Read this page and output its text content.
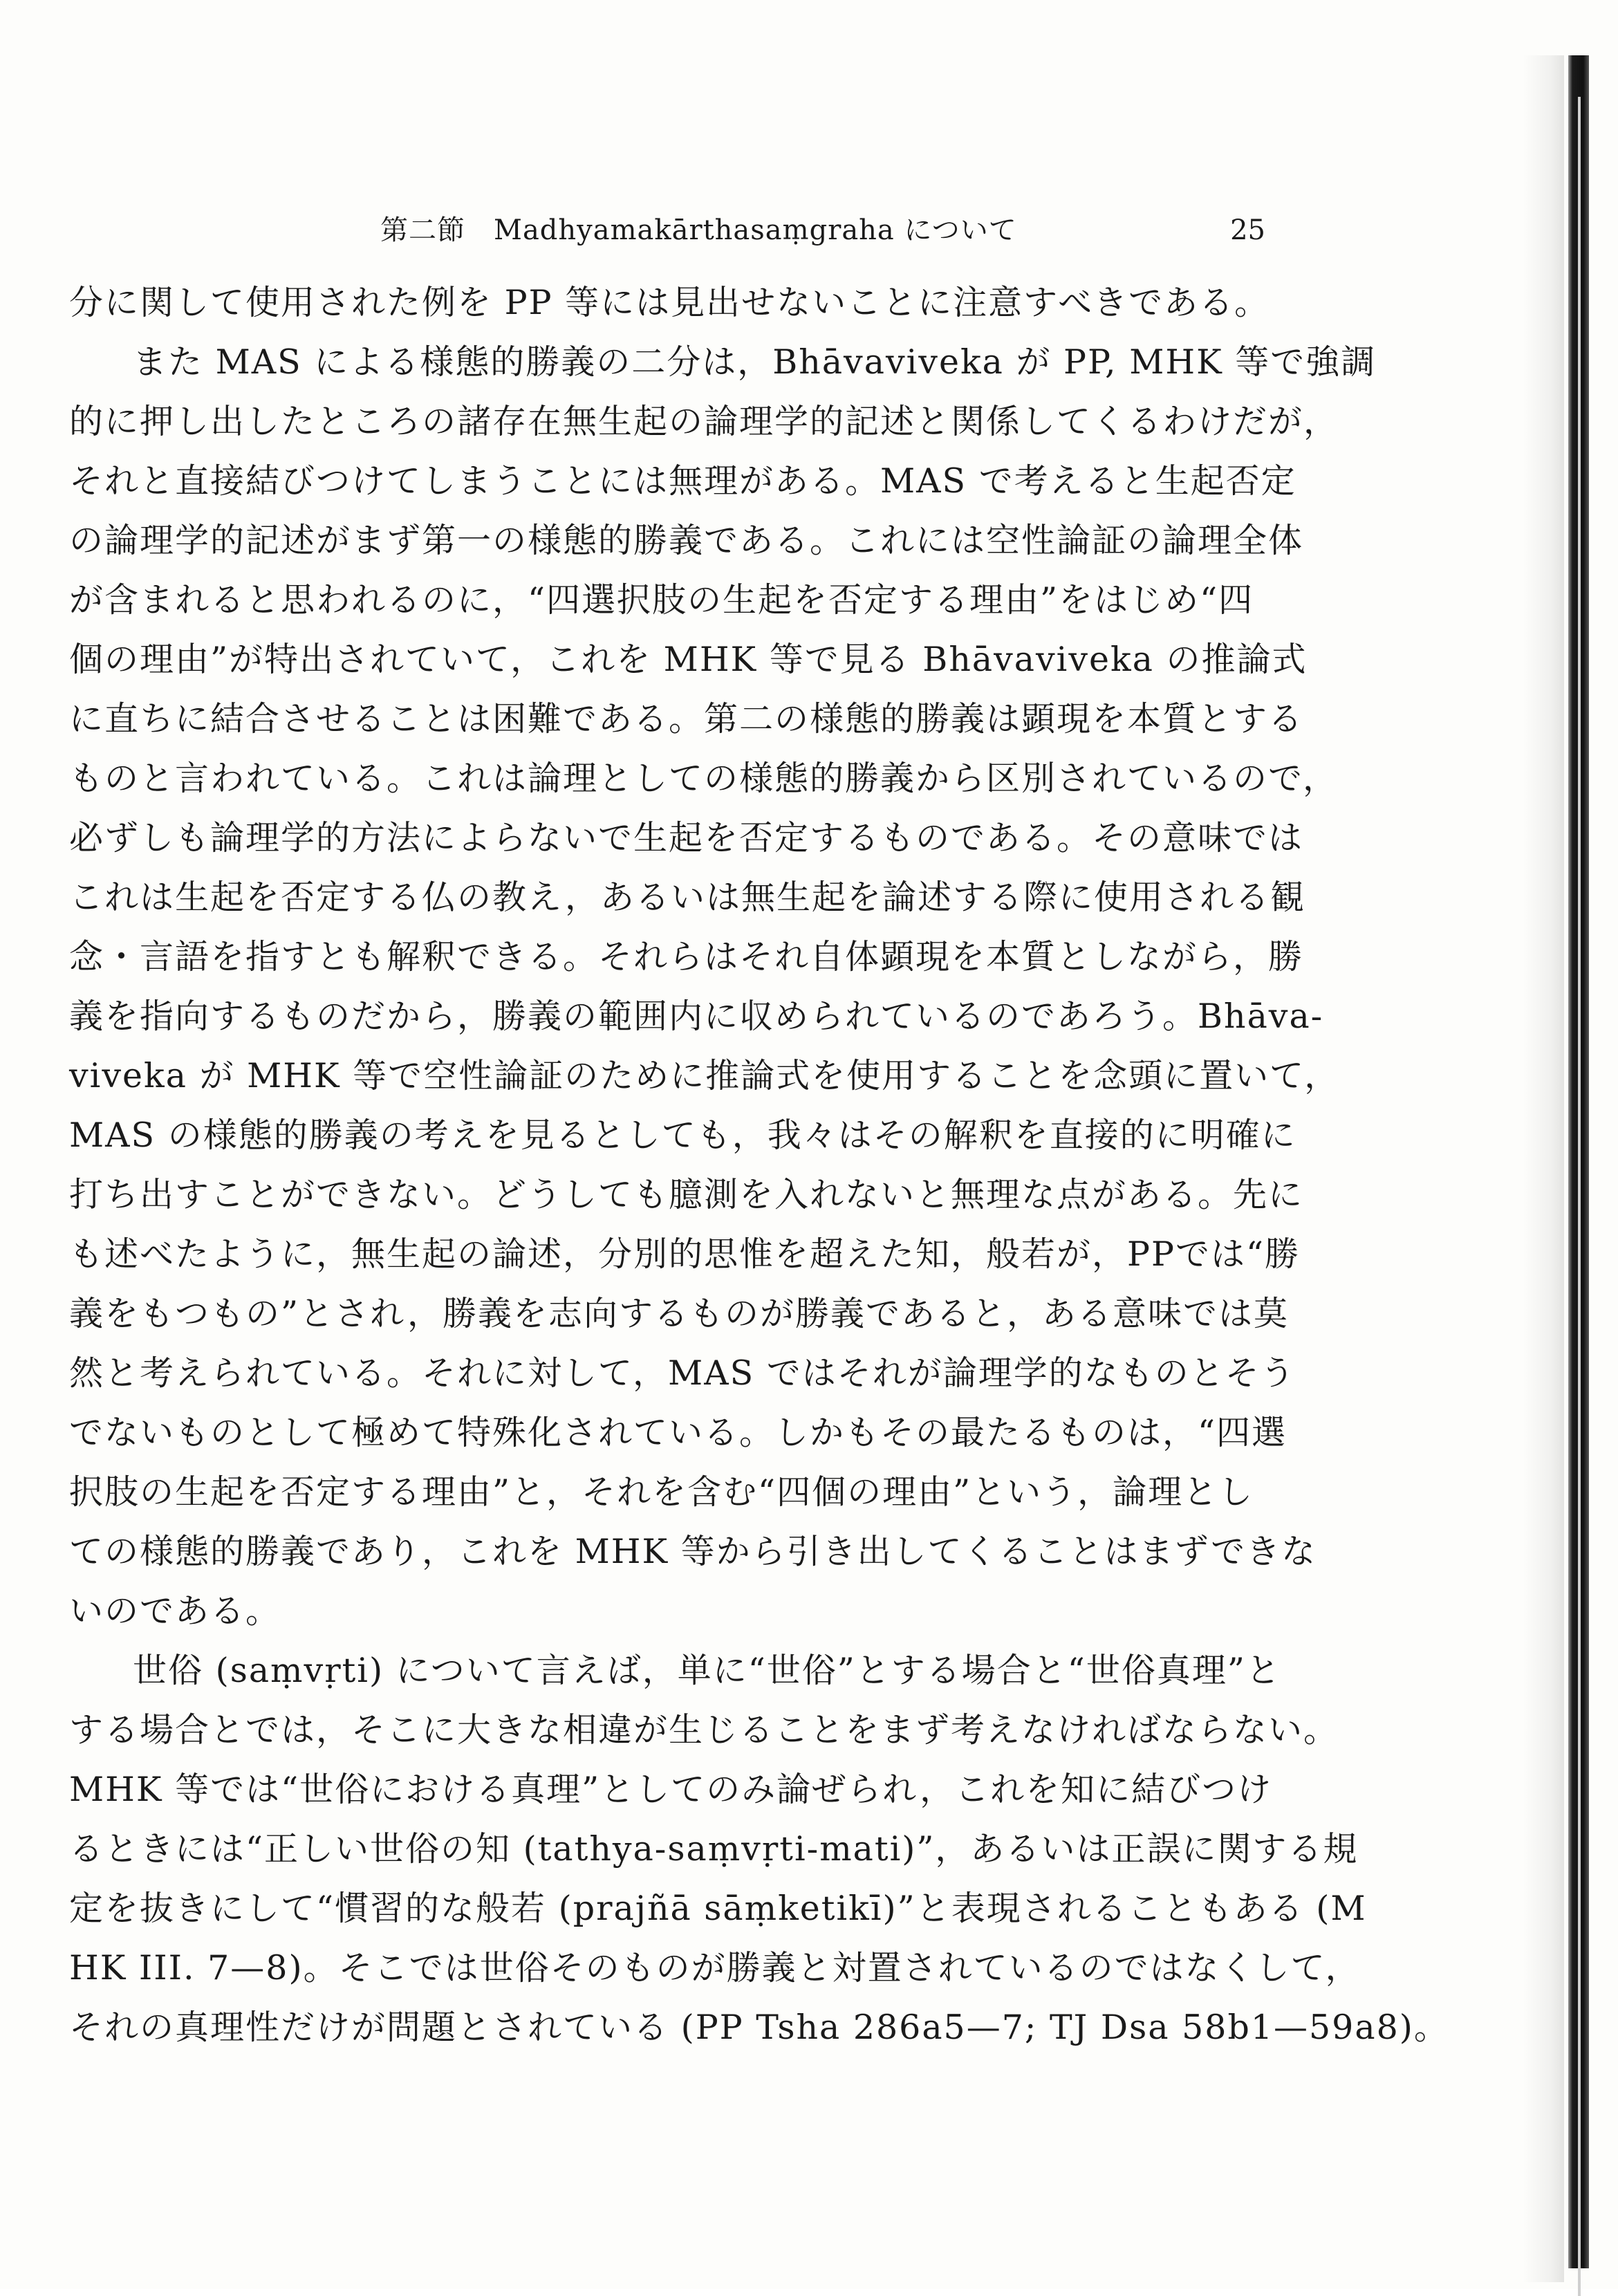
第二節　Madhyamakārthasaṃgraha について	25
分に関して使用された例を PP 等には見出せないことに注意すべきである。
また MAS による様態的勝義の二分は，Bhāvaviveka が PP, MHK 等で強調
的に押し出したところの諸存在無生起の論理学的記述と関係してくるわけだが，
それと直接結びつけてしまうことには無理がある。MAS で考えると生起否定
の論理学的記述がまず第一の様態的勝義である。これには空性論証の論理全体
が含まれると思われるのに，“四選択肢の生起を否定する理由”をはじめ“四
個の理由”が特出されていて，これを MHK 等で見る Bhāvaviveka の推論式
に直ちに結合させることは困難である。第二の様態的勝義は顕現を本質とする
ものと言われている。これは論理としての様態的勝義から区別されているので，
必ずしも論理学的方法によらないで生起を否定するものである。その意味では
これは生起を否定する仏の教え，あるいは無生起を論述する際に使用される観
念・言語を指すとも解釈できる。それらはそれ自体顕現を本質としながら，勝
義を指向するものだから，勝義の範囲内に収められているのであろう。Bhāva-
viveka が MHK 等で空性論証のために推論式を使用することを念頭に置いて，
MAS の様態的勝義の考えを見るとしても，我々はその解釈を直接的に明確に
打ち出すことができない。どうしても臆測を入れないと無理な点がある。先に
も述べたように，無生起の論述，分別的思惟を超えた知，般若が，PPでは“勝
義をもつもの”とされ，勝義を志向するものが勝義であると，ある意味では莫
然と考えられている。それに対して，MAS ではそれが論理学的なものとそう
でないものとして極めて特殊化されている。しかもその最たるものは，“四選
択肢の生起を否定する理由”と，それを含む“四個の理由”という，論理とし
ての様態的勝義であり，これを MHK 等から引き出してくることはまずできな
いのである。
世俗 (saṃvṛti) について言えば，単に“世俗”とする場合と“世俗真理”と
する場合とでは，そこに大きな相違が生じることをまず考えなければならない。
MHK 等では“世俗における真理”としてのみ論ぜられ，これを知に結びつけ
るときには“正しい世俗の知 (tathya-saṃvṛti-mati)”，あるいは正誤に関する規
定を抜きにして“慣習的な般若 (prajñā sāṃketikī)”と表現されることもある (M
HK III. 7—8)。そこでは世俗そのものが勝義と対置されているのではなくして，
それの真理性だけが問題とされている (PP Tsha 286a5—7; TJ Dsa 58b1—59a8)。
